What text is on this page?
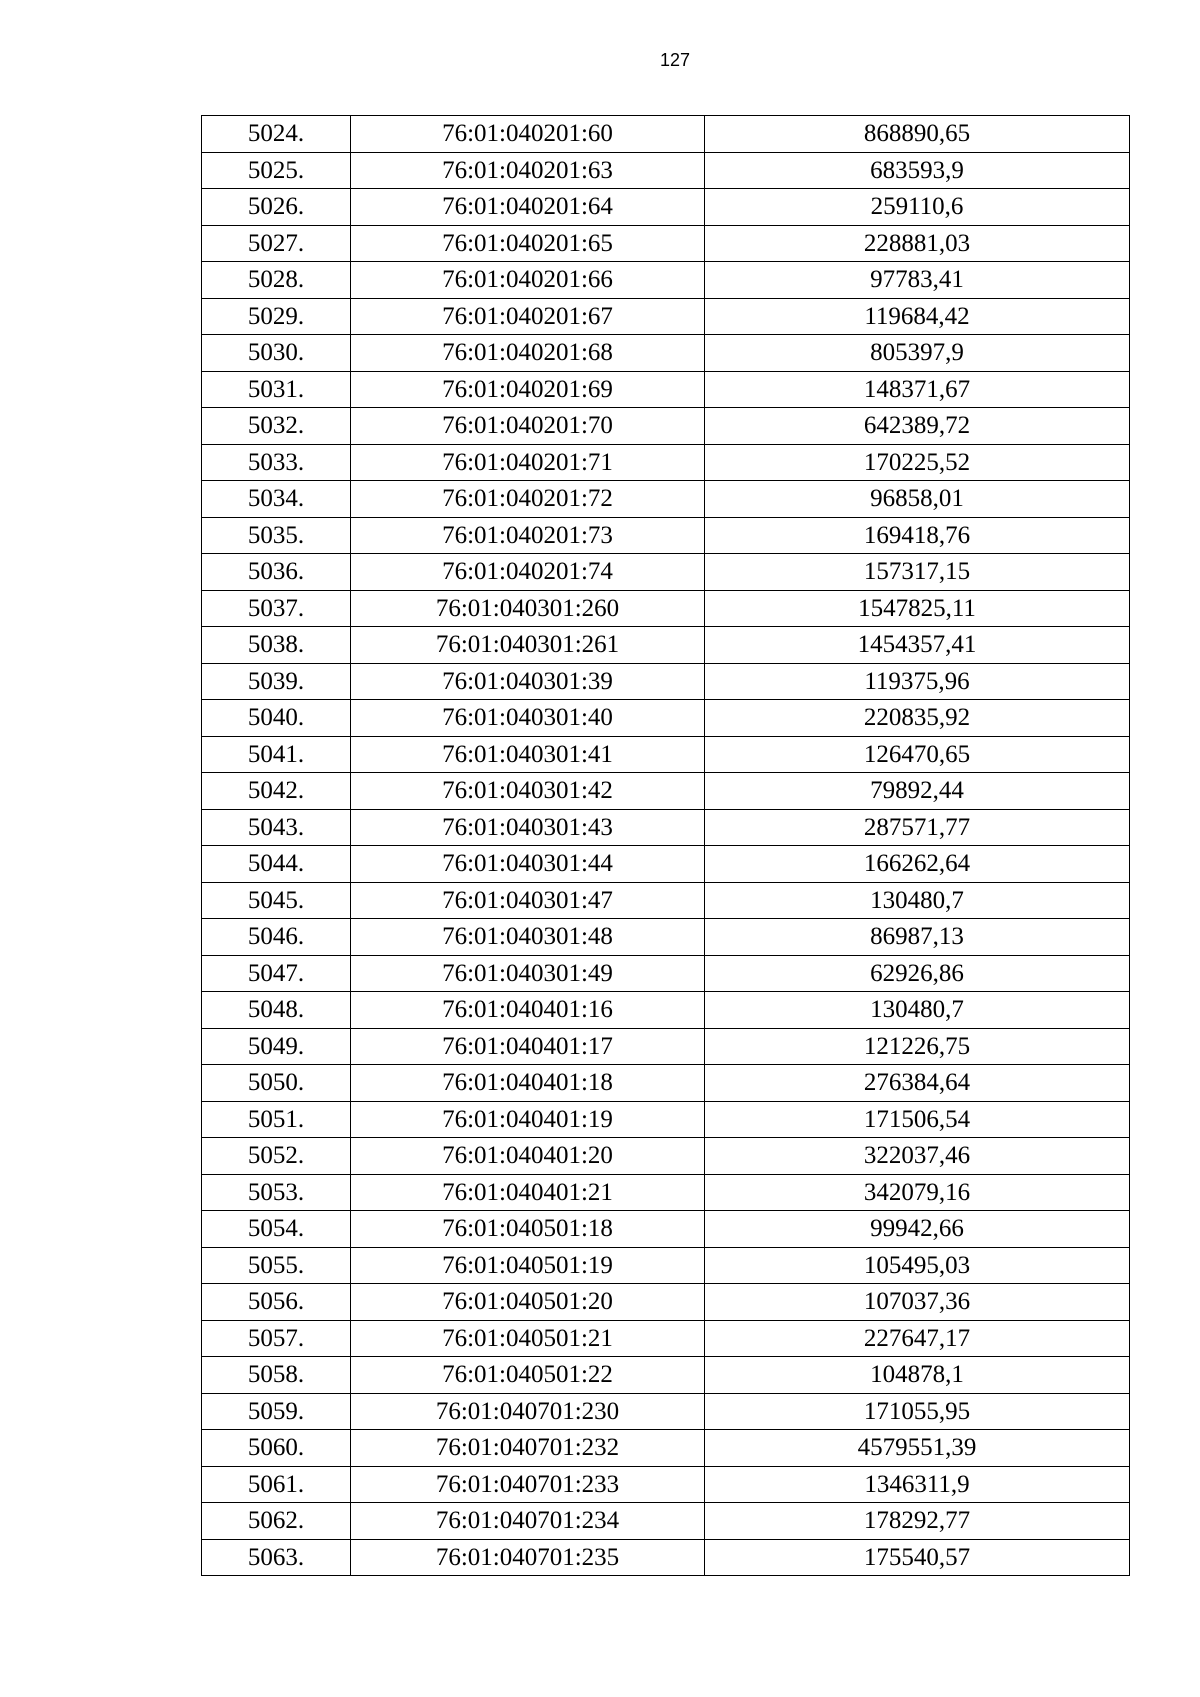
127
5024.	76:01:040201:60	868890,65
5025.	76:01:040201:63	683593,9
5026.	76:01:040201:64	259110,6
5027.	76:01:040201:65	228881,03
5028.	76:01:040201:66	97783,41
5029.	76:01:040201:67	119684,42
5030.	76:01:040201:68	805397,9
5031.	76:01:040201:69	148371,67
5032.	76:01:040201:70	642389,72
5033.	76:01:040201:71	170225,52
5034.	76:01:040201:72	96858,01
5035.	76:01:040201:73	169418,76
5036.	76:01:040201:74	157317,15
5037.	76:01:040301:260	1547825,11
5038.	76:01:040301:261	1454357,41
5039.	76:01:040301:39	119375,96
5040.	76:01:040301:40	220835,92
5041.	76:01:040301:41	126470,65
5042.	76:01:040301:42	79892,44
5043.	76:01:040301:43	287571,77
5044.	76:01:040301:44	166262,64
5045.	76:01:040301:47	130480,7
5046.	76:01:040301:48	86987,13
5047.	76:01:040301:49	62926,86
5048.	76:01:040401:16	130480,7
5049.	76:01:040401:17	121226,75
5050.	76:01:040401:18	276384,64
5051.	76:01:040401:19	171506,54
5052.	76:01:040401:20	322037,46
5053.	76:01:040401:21	342079,16
5054.	76:01:040501:18	99942,66
5055.	76:01:040501:19	105495,03
5056.	76:01:040501:20	107037,36
5057.	76:01:040501:21	227647,17
5058.	76:01:040501:22	104878,1
5059.	76:01:040701:230	171055,95
5060.	76:01:040701:232	4579551,39
5061.	76:01:040701:233	1346311,9
5062.	76:01:040701:234	178292,77
5063.	76:01:040701:235	175540,57
